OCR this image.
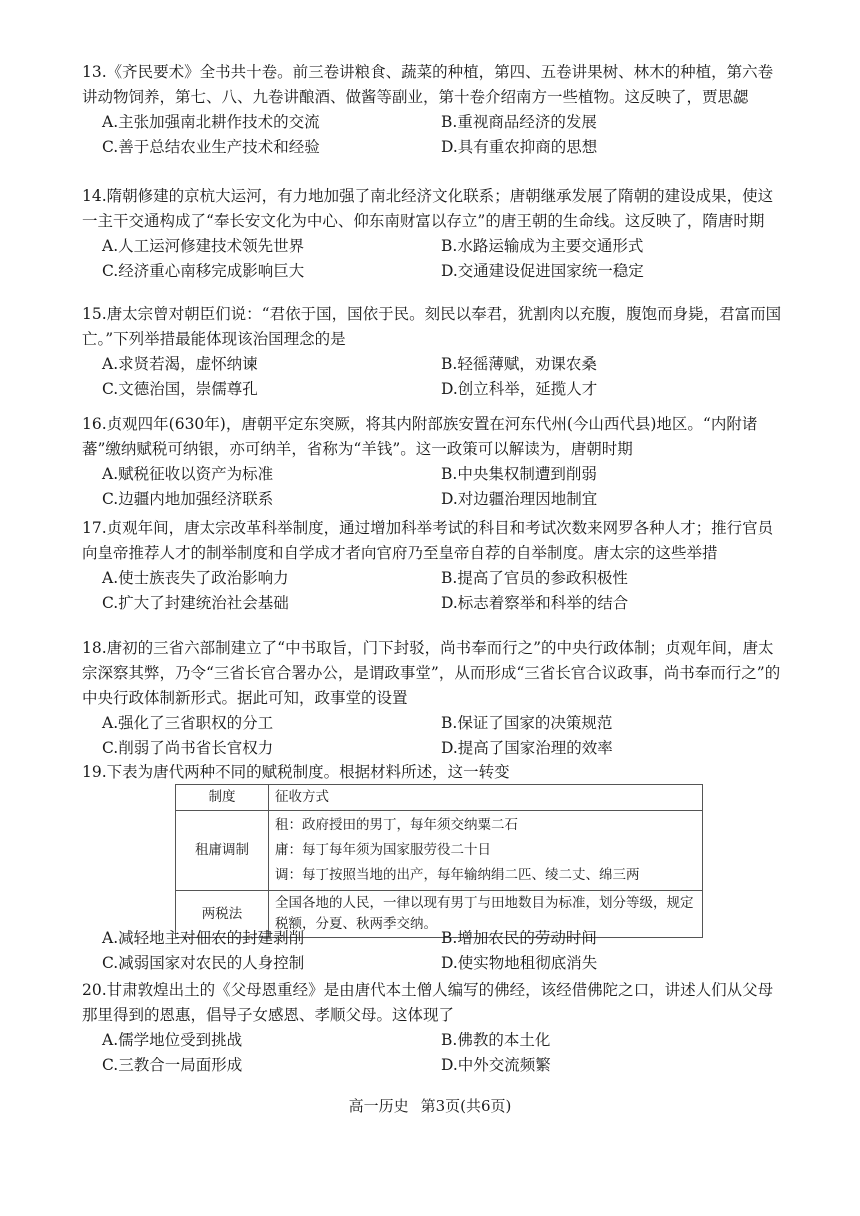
13.《齐民要术》全书共十卷。前三卷讲粮食、蔬菜的种植，第四、五卷讲果树、林木的种植，第六卷讲动物饲养，第七、八、九卷讲酿酒、做酱等副业，第十卷介绍南方一些植物。这反映了，贾思勰

A.主张加强南北耕作技术的交流	B.重视商品经济的发展
C.善于总结农业生产技术和经验	D.具有重农抑商的思想

14.隋朝修建的京杭大运河，有力地加强了南北经济文化联系；唐朝继承发展了隋朝的建设成果，使这一主干交通构成了“奉长安文化为中心、仰东南财富以存立”的唐王朝的生命线。这反映了，隋唐时期

A.人工运河修建技术领先世界	B.水路运输成为主要交通形式
C.经济重心南移完成影响巨大	D.交通建设促进国家统一稳定

15.唐太宗曾对朝臣们说：“君依于国，国依于民。刻民以奉君，犹割肉以充腹，腹饱而身毙，君富而国亡。”下列举措最能体现该治国理念的是

A.求贤若渴，虚怀纳谏	B.轻徭薄赋，劝课农桑
C.文德治国，崇儒尊孔	D.创立科举，延揽人才

16.贞观四年(630年)，唐朝平定东突厥，将其内附部族安置在河东代州(今山西代县)地区。“内附诸蕃”缴纳赋税可纳银，亦可纳羊，省称为“羊钱”。这一政策可以解读为，唐朝时期

A.赋税征收以资产为标准	B.中央集权制遭到削弱
C.边疆内地加强经济联系	D.对边疆治理因地制宜

17.贞观年间，唐太宗改革科举制度，通过增加科举考试的科目和考试次数来网罗各种人才；推行官员向皇帝推荐人才的制举制度和自学成才者向官府乃至皇帝自荐的自举制度。唐太宗的这些举措

A.使士族丧失了政治影响力	B.提高了官员的参政积极性
C.扩大了封建统治社会基础	D.标志着察举和科举的结合

18.唐初的三省六部制建立了“中书取旨，门下封驳，尚书奉而行之”的中央行政体制；贞观年间，唐太宗深察其弊，乃令“三省长官合署办公，是谓政事堂”，从而形成“三省长官合议政事，尚书奉而行之”的中央行政体制新形式。据此可知，政事堂的设置

A.强化了三省职权的分工	B.保证了国家的决策规范
C.削弱了尚书省长官权力	D.提高了国家治理的效率

19.下表为唐代两种不同的赋税制度。根据材料所述，这一转变

制度	征收方式
租庸调制	租：政府授田的男丁，每年须交纳粟二石
庸：每丁每年须为国家服劳役二十日
调：每丁按照当地的出产，每年输纳绢二匹、绫二丈、绵三两

两税法	全国各地的人民，一律以现有男丁与田地数目为标准，划分等级，规定税额，分夏、秋两季交纳。
A.减轻地主对佃农的封建剥削	B.增加农民的劳动时间
C.减弱国家对农民的人身控制	D.使实物地租彻底消失

20.甘肃敦煌出土的《父母恩重经》是由唐代本土僧人编写的佛经，该经借佛陀之口，讲述人们从父母那里得到的恩惠，倡导子女感恩、孝顺父母。这体现了

A.儒学地位受到挑战	B.佛教的本土化
C.三教合一局面形成	D.中外交流频繁
高一历史 第3页(共6页)
